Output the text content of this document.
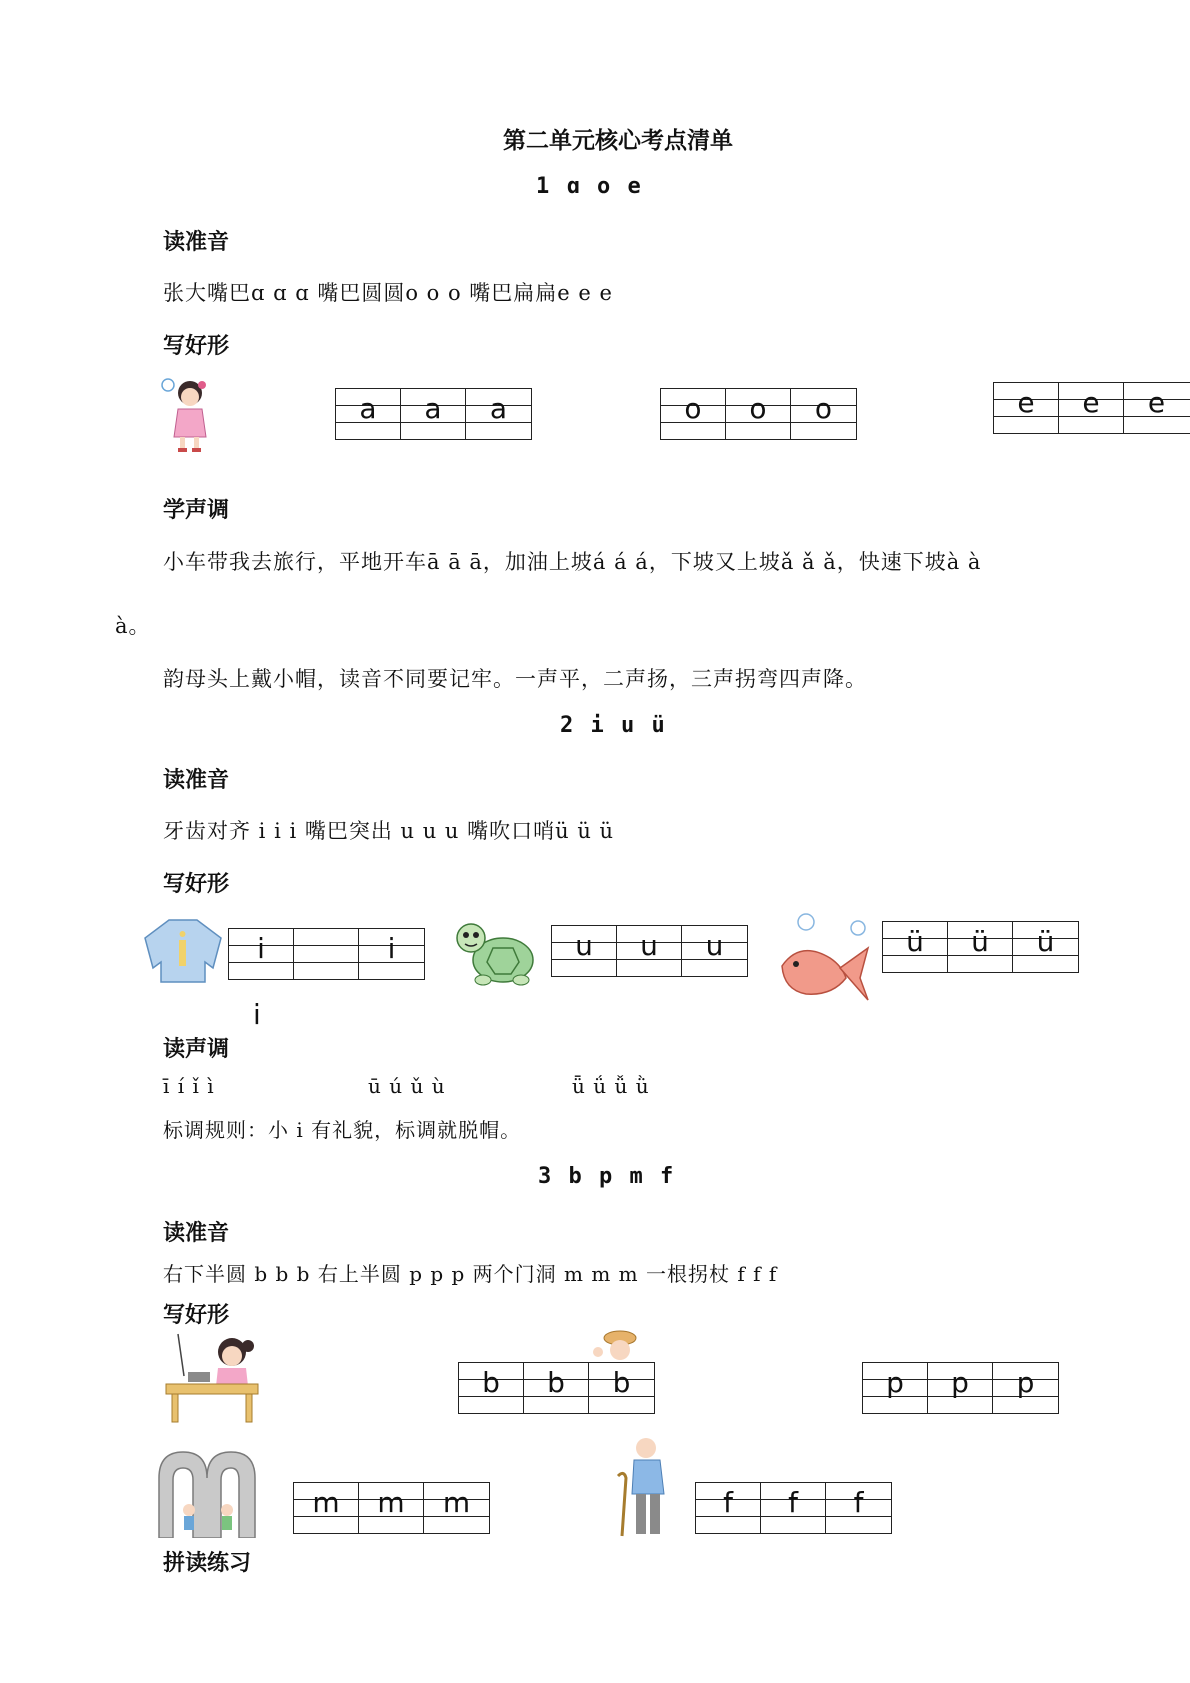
第二单元核心考点清单
1 ɑ o e
读准音
张大嘴巴ɑ ɑ ɑ 嘴巴圆圆o o o 嘴巴扁扁e e e
写好形
a a a	o o o	e e e
学声调
小车带我去旅行，平地开车ā ā ā，加油上坡á á á，下坡又上坡ǎ ǎ ǎ，快速下坡à à
à。
韵母头上戴小帽，读音不同要记牢。一声平，二声扬，三声拐弯四声降。
2 i u ü
读准音
牙齿对齐 i i i 嘴巴突出 u u u 嘴吹口哨ü ü ü
写好形
i	i
i
u u u	ü ü ü
读声调
ī í ǐ ì	ū ú ǔ ù	ǖ ǘ ǚ ǜ
标调规则：小 i 有礼貌，标调就脱帽。
3 b p m f
读准音
右下半圆 b b b 右上半圆 p p p 两个门洞 m m m 一根拐杖 f f f
写好形
b b b	p p p
m m m	f f f
拼读练习
